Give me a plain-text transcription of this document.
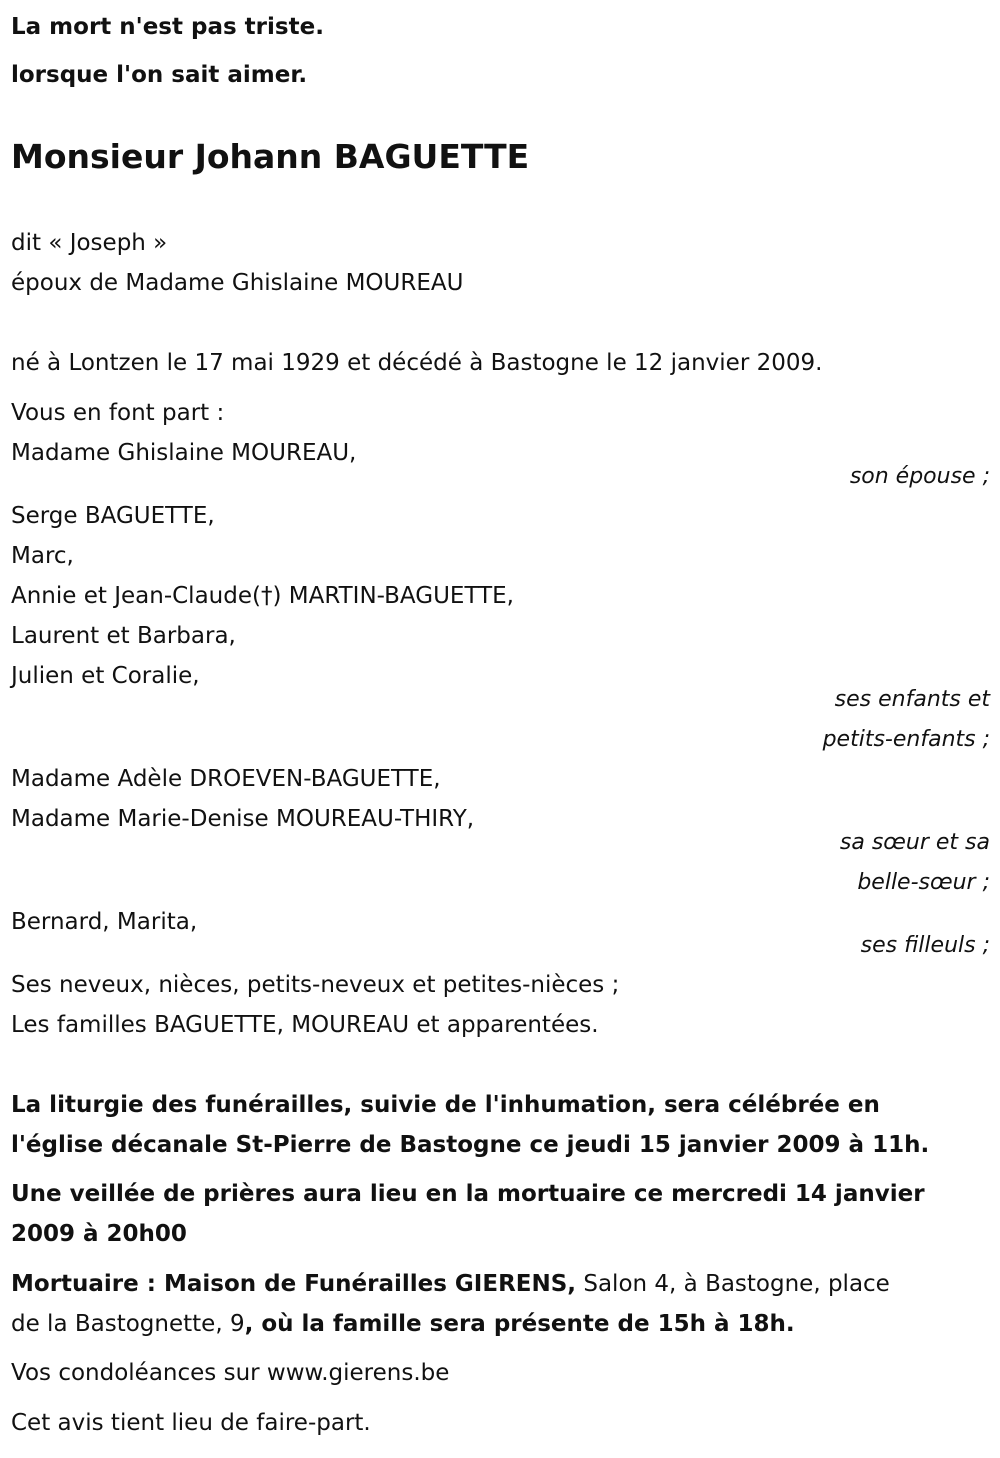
La mort n'est pas triste.
lorsque l'on sait aimer.
Monsieur Johann BAGUETTE
dit « Joseph »
époux de Madame Ghislaine MOUREAU
né à Lontzen le 17 mai 1929 et décédé à Bastogne le 12 janvier 2009.
Vous en font part :
Madame Ghislaine MOUREAU,
son épouse ;
Serge BAGUETTE,
Marc,
Annie et Jean-Claude(†) MARTIN-BAGUETTE,
Laurent et Barbara,
Julien et Coralie,
ses enfants et
petits-enfants ;
Madame Adèle DROEVEN-BAGUETTE,
Madame Marie-Denise MOUREAU-THIRY,
sa sœur et sa
belle-sœur ;
Bernard, Marita,
ses filleuls ;
Ses neveux, nièces, petits-neveux et petites-nièces ;
Les familles BAGUETTE, MOUREAU et apparentées.
La liturgie des funérailles, suivie de l'inhumation, sera célébrée en
l'église décanale St-Pierre de Bastogne ce jeudi 15 janvier 2009 à 11h.
Une veillée de prières aura lieu en la mortuaire ce mercredi 14 janvier
2009 à 20h00
Mortuaire : Maison de Funérailles GIERENS, Salon 4, à Bastogne, place
de la Bastognette, 9, où la famille sera présente de 15h à 18h.
Vos condoléances sur www.gierens.be
Cet avis tient lieu de faire-part.
